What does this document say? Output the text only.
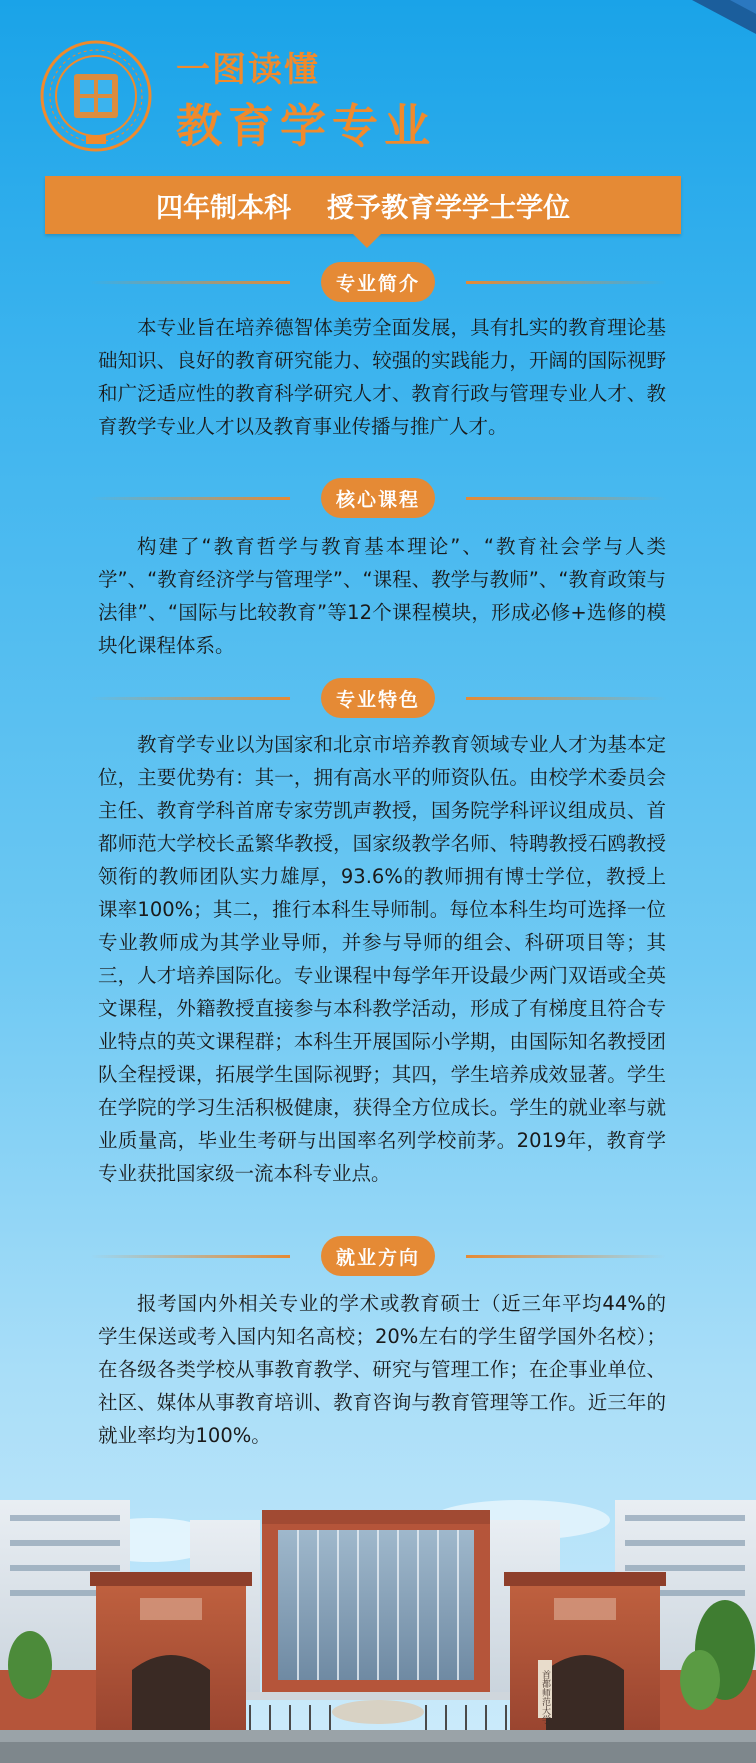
一图读懂
教育学专业
四年制本科 授予教育学学士学位
专业简介
本专业旨在培养德智体美劳全面发展，具有扎实的教育理论基础知识、良好的教育研究能力、较强的实践能力，开阔的国际视野和广泛适应性的教育科学研究人才、教育行政与管理专业人才、教育教学专业人才以及教育事业传播与推广人才。
核心课程
构建了“教育哲学与教育基本理论”、“教育社会学与人类学”、“教育经济学与管理学”、“课程、教学与教师”、“教育政策与法律”、“国际与比较教育”等12个课程模块，形成必修+选修的模块化课程体系。
专业特色
教育学专业以为国家和北京市培养教育领域专业人才为基本定位，主要优势有：其一，拥有高水平的师资队伍。由校学术委员会主任、教育学科首席专家劳凯声教授，国务院学科评议组成员、首都师范大学校长孟繁华教授，国家级教学名师、特聘教授石鸥教授领衔的教师团队实力雄厚，93.6%的教师拥有博士学位，教授上课率100%；其二，推行本科生导师制。每位本科生均可选择一位专业教师成为其学业导师，并参与导师的组会、科研项目等；其三，人才培养国际化。专业课程中每学年开设最少两门双语或全英文课程，外籍教授直接参与本科教学活动，形成了有梯度且符合专业特点的英文课程群；本科生开展国际小学期，由国际知名教授团队全程授课，拓展学生国际视野；其四，学生培养成效显著。学生在学院的学习生活积极健康，获得全方位成长。学生的就业率与就业质量高，毕业生考研与出国率名列学校前茅。2019年，教育学专业获批国家级一流本科专业点。
就业方向
报考国内外相关专业的学术或教育硕士（近三年平均44%的学生保送或考入国内知名高校；20%左右的学生留学国外名校）；在各级各类学校从事教育教学、研究与管理工作；在企事业单位、社区、媒体从事教育培训、教育咨询与教育管理等工作。近三年的就业率均为100%。
首都师范大学
